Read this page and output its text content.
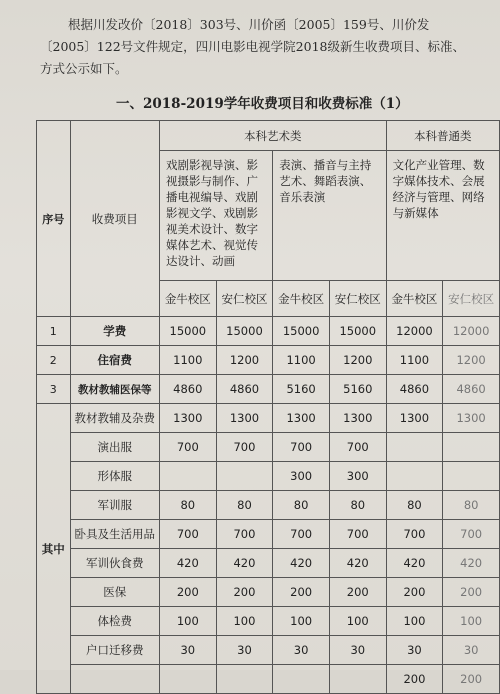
根据川发改价〔2018〕303号、川价函〔2005〕159号、川价发

〔2005〕122号文件规定，四川电影电视学院2018级新生收费项目、标准、

方式公示如下。

一、2018-2019学年收费项目和收费标准（1）
序号	收费项目	本科艺术类				本科普通类	
		戏剧影视导演、影视摄影与制作、广播电视编导、戏剧影视文学、戏剧影视美术设计、数字媒体艺术、视觉传达设计、动画		表演、播音与主持艺术、舞蹈表演、音乐表演		文化产业管理、数字媒体技术、会展经济与管理、网络与新媒体	
		金牛校区	安仁校区	金牛校区	安仁校区	金牛校区	安仁校区
1	学费	15000	15000	15000	15000	12000	12000
2	住宿费	1100	1200	1100	1200	1100	1200
3	教材教辅医保等	4860	4860	5160	5160	4860	4860
其中	教材教辅及杂费	1300	1300	1300	1300	1300	1300
	演出服	700	700	700	700		
	形体服			300	300		
	军训服	80	80	80	80	80	80
	卧具及生活用品	700	700	700	700	700	700
	军训伙食费	420	420	420	420	420	420
	医保	200	200	200	200	200	200
	体检费	100	100	100	100	100	100
	户口迁移费	30	30	30	30	30	30
						200	200
